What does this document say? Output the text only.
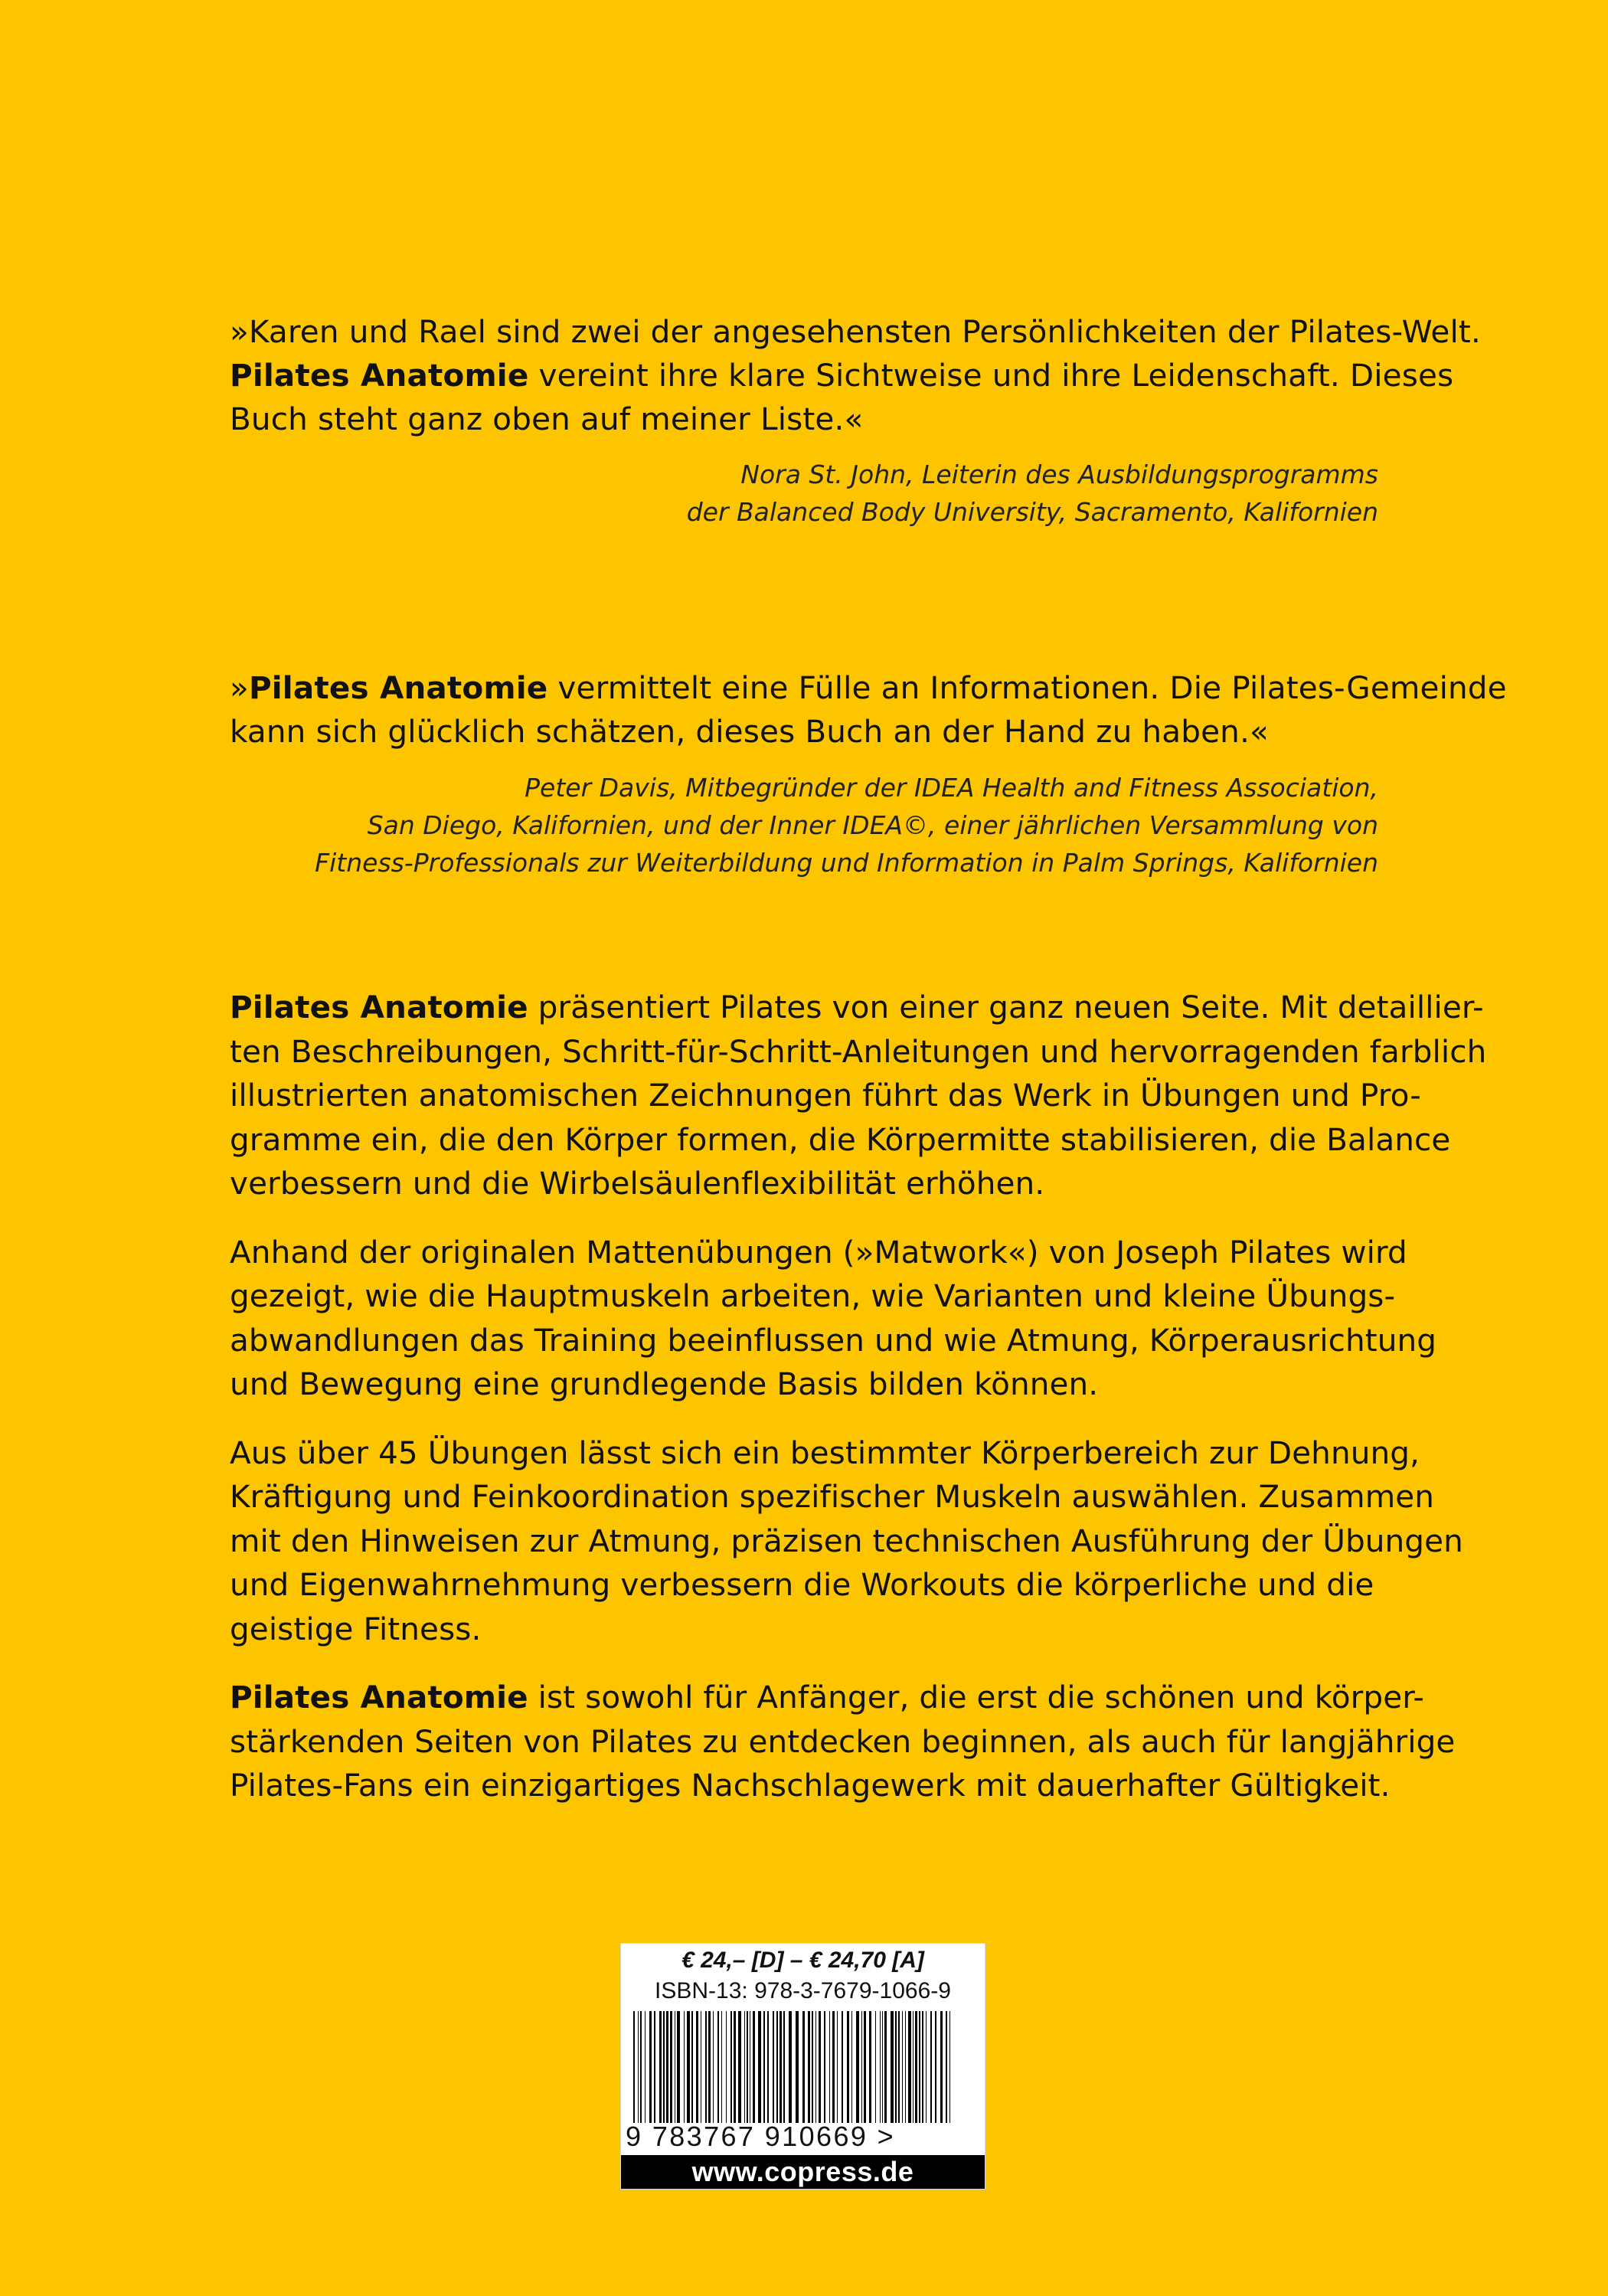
»Karen und Rael sind zwei der angesehensten Persönlichkeiten der Pilates-Welt.
Pilates Anatomie vereint ihre klare Sichtweise und ihre Leidenschaft. Dieses
Buch steht ganz oben auf meiner Liste.«
Nora St. John, Leiterin des Ausbildungsprogramms
der Balanced Body University, Sacramento, Kalifornien
»Pilates Anatomie vermittelt eine Fülle an Informationen. Die Pilates-Gemeinde
kann sich glücklich schätzen, dieses Buch an der Hand zu haben.«
Peter Davis, Mitbegründer der IDEA Health and Fitness Association,
San Diego, Kalifornien, und der Inner IDEA©, einer jährlichen Versammlung von
Fitness-Professionals zur Weiterbildung und Information in Palm Springs, Kalifornien
Pilates Anatomie präsentiert Pilates von einer ganz neuen Seite. Mit detaillier-
ten Beschreibungen, Schritt-für-Schritt-Anleitungen und hervorragenden farblich
illustrierten anatomischen Zeichnungen führt das Werk in Übungen und Pro-
gramme ein, die den Körper formen, die Körpermitte stabilisieren, die Balance
verbessern und die Wirbelsäulenflexibilität erhöhen.
Anhand der originalen Mattenübungen (»Matwork«) von Joseph Pilates wird
gezeigt, wie die Hauptmuskeln arbeiten, wie Varianten und kleine Übungs-
abwandlungen das Training beeinflussen und wie Atmung, Körperausrichtung
und Bewegung eine grundlegende Basis bilden können.
Aus über 45 Übungen lässt sich ein bestimmter Körperbereich zur Dehnung,
Kräftigung und Feinkoordination spezifischer Muskeln auswählen. Zusammen
mit den Hinweisen zur Atmung, präzisen technischen Ausführung der Übungen
und Eigenwahrnehmung verbessern die Workouts die körperliche und die
geistige Fitness.
Pilates Anatomie ist sowohl für Anfänger, die erst die schönen und körper-
stärkenden Seiten von Pilates zu entdecken beginnen, als auch für langjährige
Pilates-Fans ein einzigartiges Nachschlagewerk mit dauerhafter Gültigkeit.
€ 24,– [D] – € 24,70 [A]
ISBN-13: 978-3-7679-1066-9
9 783767 910669 >
www.copress.de
